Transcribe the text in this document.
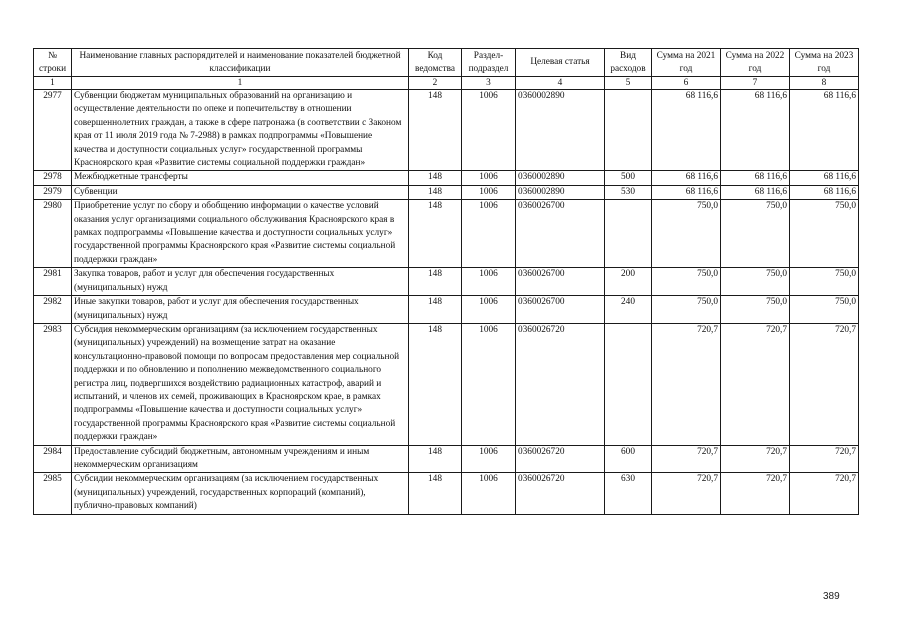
№ строки	Наименование главных распорядителей и наименование показателей бюджетной классификации	Код ведомства	Раздел-подраздел	Целевая статья	Вид расходов	Сумма на 2021 год	Сумма на 2022 год	Сумма на 2023 год
1	1	2	3	4	5	6	7	8
2977	Субвенции бюджетам муниципальных образований на организацию и осуществление деятельности по опеке и попечительству в отношении совершеннолетних граждан, а также в сфере патронажа (в соответствии с Законом края от 11 июля 2019 года № 7-2988) в рамках подпрограммы «Повышение качества и доступности социальных услуг» государственной программы Красноярского края «Развитие системы социальной поддержки граждан»	148	1006	0360002890		68 116,6	68 116,6	68 116,6
2978	Межбюджетные трансферты	148	1006	0360002890	500	68 116,6	68 116,6	68 116,6
2979	Субвенции	148	1006	0360002890	530	68 116,6	68 116,6	68 116,6
2980	Приобретение услуг по сбору и обобщению информации о качестве условий оказания услуг организациями социального обслуживания Красноярского края в рамках подпрограммы «Повышение качества и доступности социальных услуг» государственной программы Красноярского края «Развитие системы социальной поддержки граждан»	148	1006	0360026700		750,0	750,0	750,0
2981	Закупка товаров, работ и услуг для обеспечения государственных (муниципальных) нужд	148	1006	0360026700	200	750,0	750,0	750,0
2982	Иные закупки товаров, работ и услуг для обеспечения государственных (муниципальных) нужд	148	1006	0360026700	240	750,0	750,0	750,0
2983	Субсидия некоммерческим организациям (за исключением государственных (муниципальных) учреждений) на возмещение затрат на оказание консультационно-правовой помощи по вопросам предоставления мер социальной поддержки и по обновлению и пополнению межведомственного социального регистра лиц, подвергшихся воздействию радиационных катастроф, аварий и испытаний, и членов их семей, проживающих в Красноярском крае, в рамках подпрограммы «Повышение качества и доступности социальных услуг» государственной программы Красноярского края «Развитие системы социальной поддержки граждан»	148	1006	0360026720		720,7	720,7	720,7
2984	Предоставление субсидий бюджетным, автономным учреждениям и иным некоммерческим организациям	148	1006	0360026720	600	720,7	720,7	720,7
2985	Субсидии некоммерческим организациям (за исключением государственных (муниципальных) учреждений, государственных корпораций (компаний), публично-правовых компаний)	148	1006	0360026720	630	720,7	720,7	720,7
389
